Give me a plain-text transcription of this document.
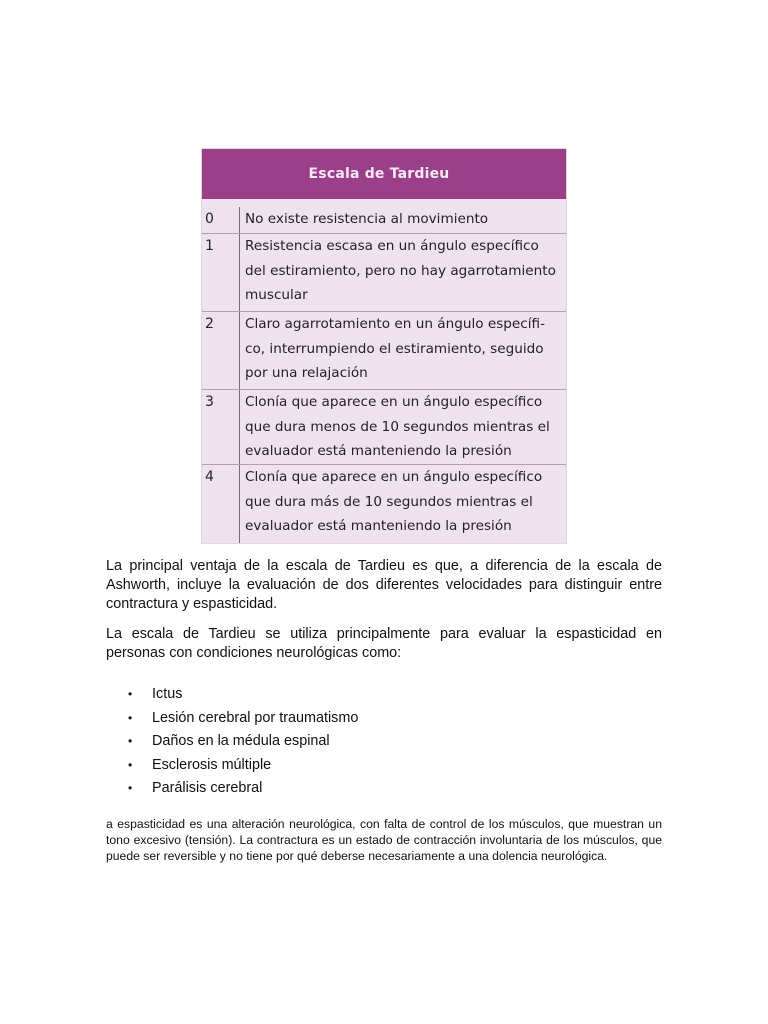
Escala de Tardieu
0	No existe resistencia al movimiento
1	Resistencia escasa en un ángulo específico
del estiramiento, pero no hay agarrotamiento
muscular
2	Claro agarrotamiento en un ángulo específi-
co, interrumpiendo el estiramiento, seguido
por una relajación
3	Clonía que aparece en un ángulo específico
que dura menos de 10 segundos mientras el
evaluador está manteniendo la presión
4	Clonía que aparece en un ángulo específico
que dura más de 10 segundos mientras el
evaluador está manteniendo la presión

La principal ventaja de la escala de Tardieu es que, a diferencia de la escala de Ashworth, incluye la evaluación de dos diferentes velocidades para distinguir entre contractura y espasticidad.

La escala de Tardieu se utiliza principalmente para evaluar la espasticidad en personas con condiciones neurológicas como:

• Ictus
• Lesión cerebral por traumatismo
• Daños en la médula espinal
• Esclerosis múltiple
• Parálisis cerebral

a espasticidad es una alteración neurológica, con falta de control de los músculos, que muestran un tono excesivo (tensión). La contractura es un estado de contracción involuntaria de los músculos, que puede ser reversible y no tiene por qué deberse necesariamente a una dolencia neurológica.
